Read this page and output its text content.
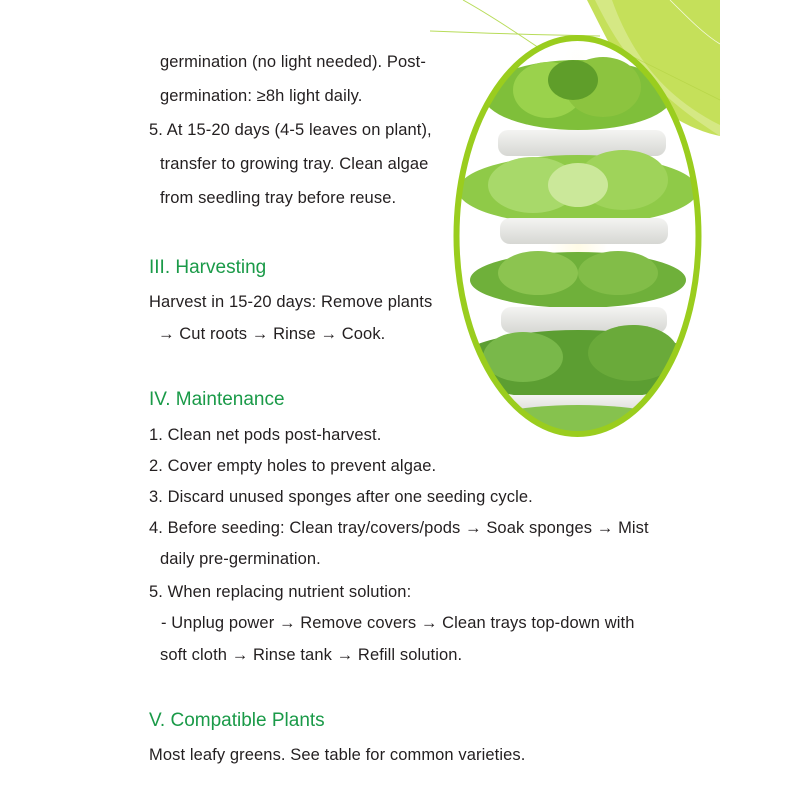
germination (no light needed). Post-
germination: ≥8h light daily.
5. At 15-20 days (4-5 leaves on plant),
transfer to growing tray. Clean algae
from seedling tray before reuse.
III. Harvesting
Harvest in 15-20 days: Remove plants
→ Cut roots → Rinse → Cook.
IV. Maintenance
1. Clean net pods post-harvest.
2. Cover empty holes to prevent algae.
3. Discard unused sponges after one seeding cycle.
4. Before seeding: Clean tray/covers/pods → Soak sponges → Mist
daily pre-germination.
5. When replacing nutrient solution:
- Unplug power → Remove covers → Clean trays top-down with
soft cloth → Rinse tank → Refill solution.
V. Compatible Plants
Most leafy greens. See table for common varieties.
